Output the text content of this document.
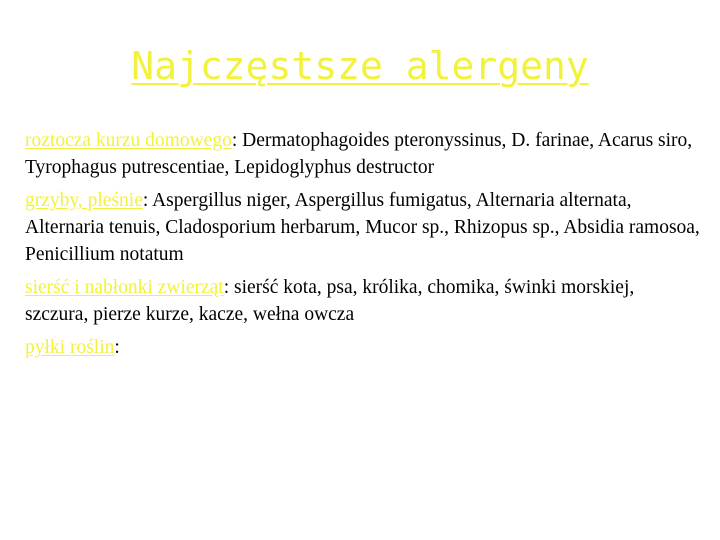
Najczęstsze alergeny

roztocza kurzu domowego: Dermatophagoides pteronyssinus, D. farinae, Acarus siro, Tyrophagus putrescentiae, Lepidoglyphus destructor

grzyby, pleśnie: Aspergillus niger, Aspergillus fumigatus, Alternaria alternata, Alternaria tenuis, Cladosporium herbarum, Mucor sp., Rhizopus sp., Absidia ramosoa, Penicillium notatum

sierść i nabłonki zwierząt: sierść kota, psa, królika, chomika, świnki morskiej, szczura, pierze kurze, kacze, wełna owcza

pyłki roślin:
